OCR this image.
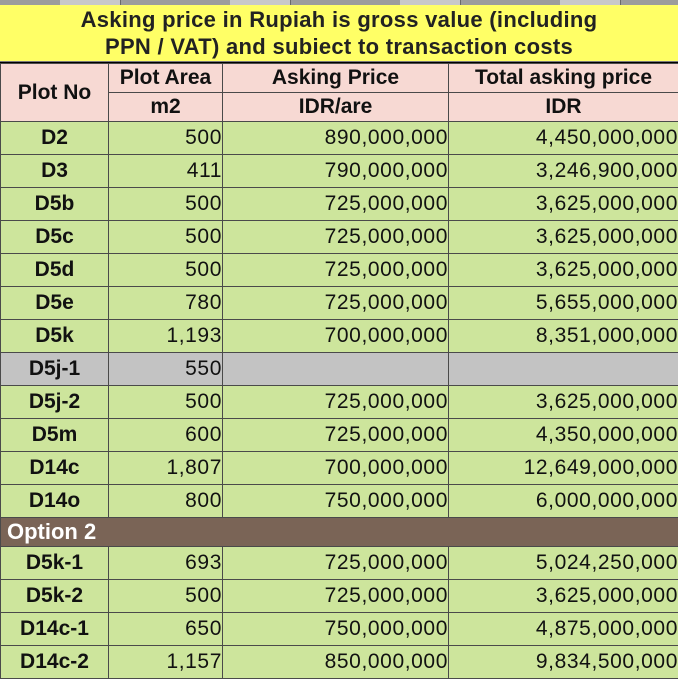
Asking price in Rupiah is gross value (including
PPN / VAT) and subiect to transaction costs
Plot No	Plot Area	Asking Price	Total asking price
	m2	IDR/are	IDR
D2	500	890,000,000	4,450,000,000
D3	411	790,000,000	3,246,900,000
D5b	500	725,000,000	3,625,000,000
D5c	500	725,000,000	3,625,000,000
D5d	500	725,000,000	3,625,000,000
D5e	780	725,000,000	5,655,000,000
D5k	1,193	700,000,000	8,351,000,000
D5j-1	550		
D5j-2	500	725,000,000	3,625,000,000
D5m	600	725,000,000	4,350,000,000
D14c	1,807	700,000,000	12,649,000,000
D14o	800	750,000,000	6,000,000,000
Option 2			
D5k-1	693	725,000,000	5,024,250,000
D5k-2	500	725,000,000	3,625,000,000
D14c-1	650	750,000,000	4,875,000,000
D14c-2	1,157	850,000,000	9,834,500,000
